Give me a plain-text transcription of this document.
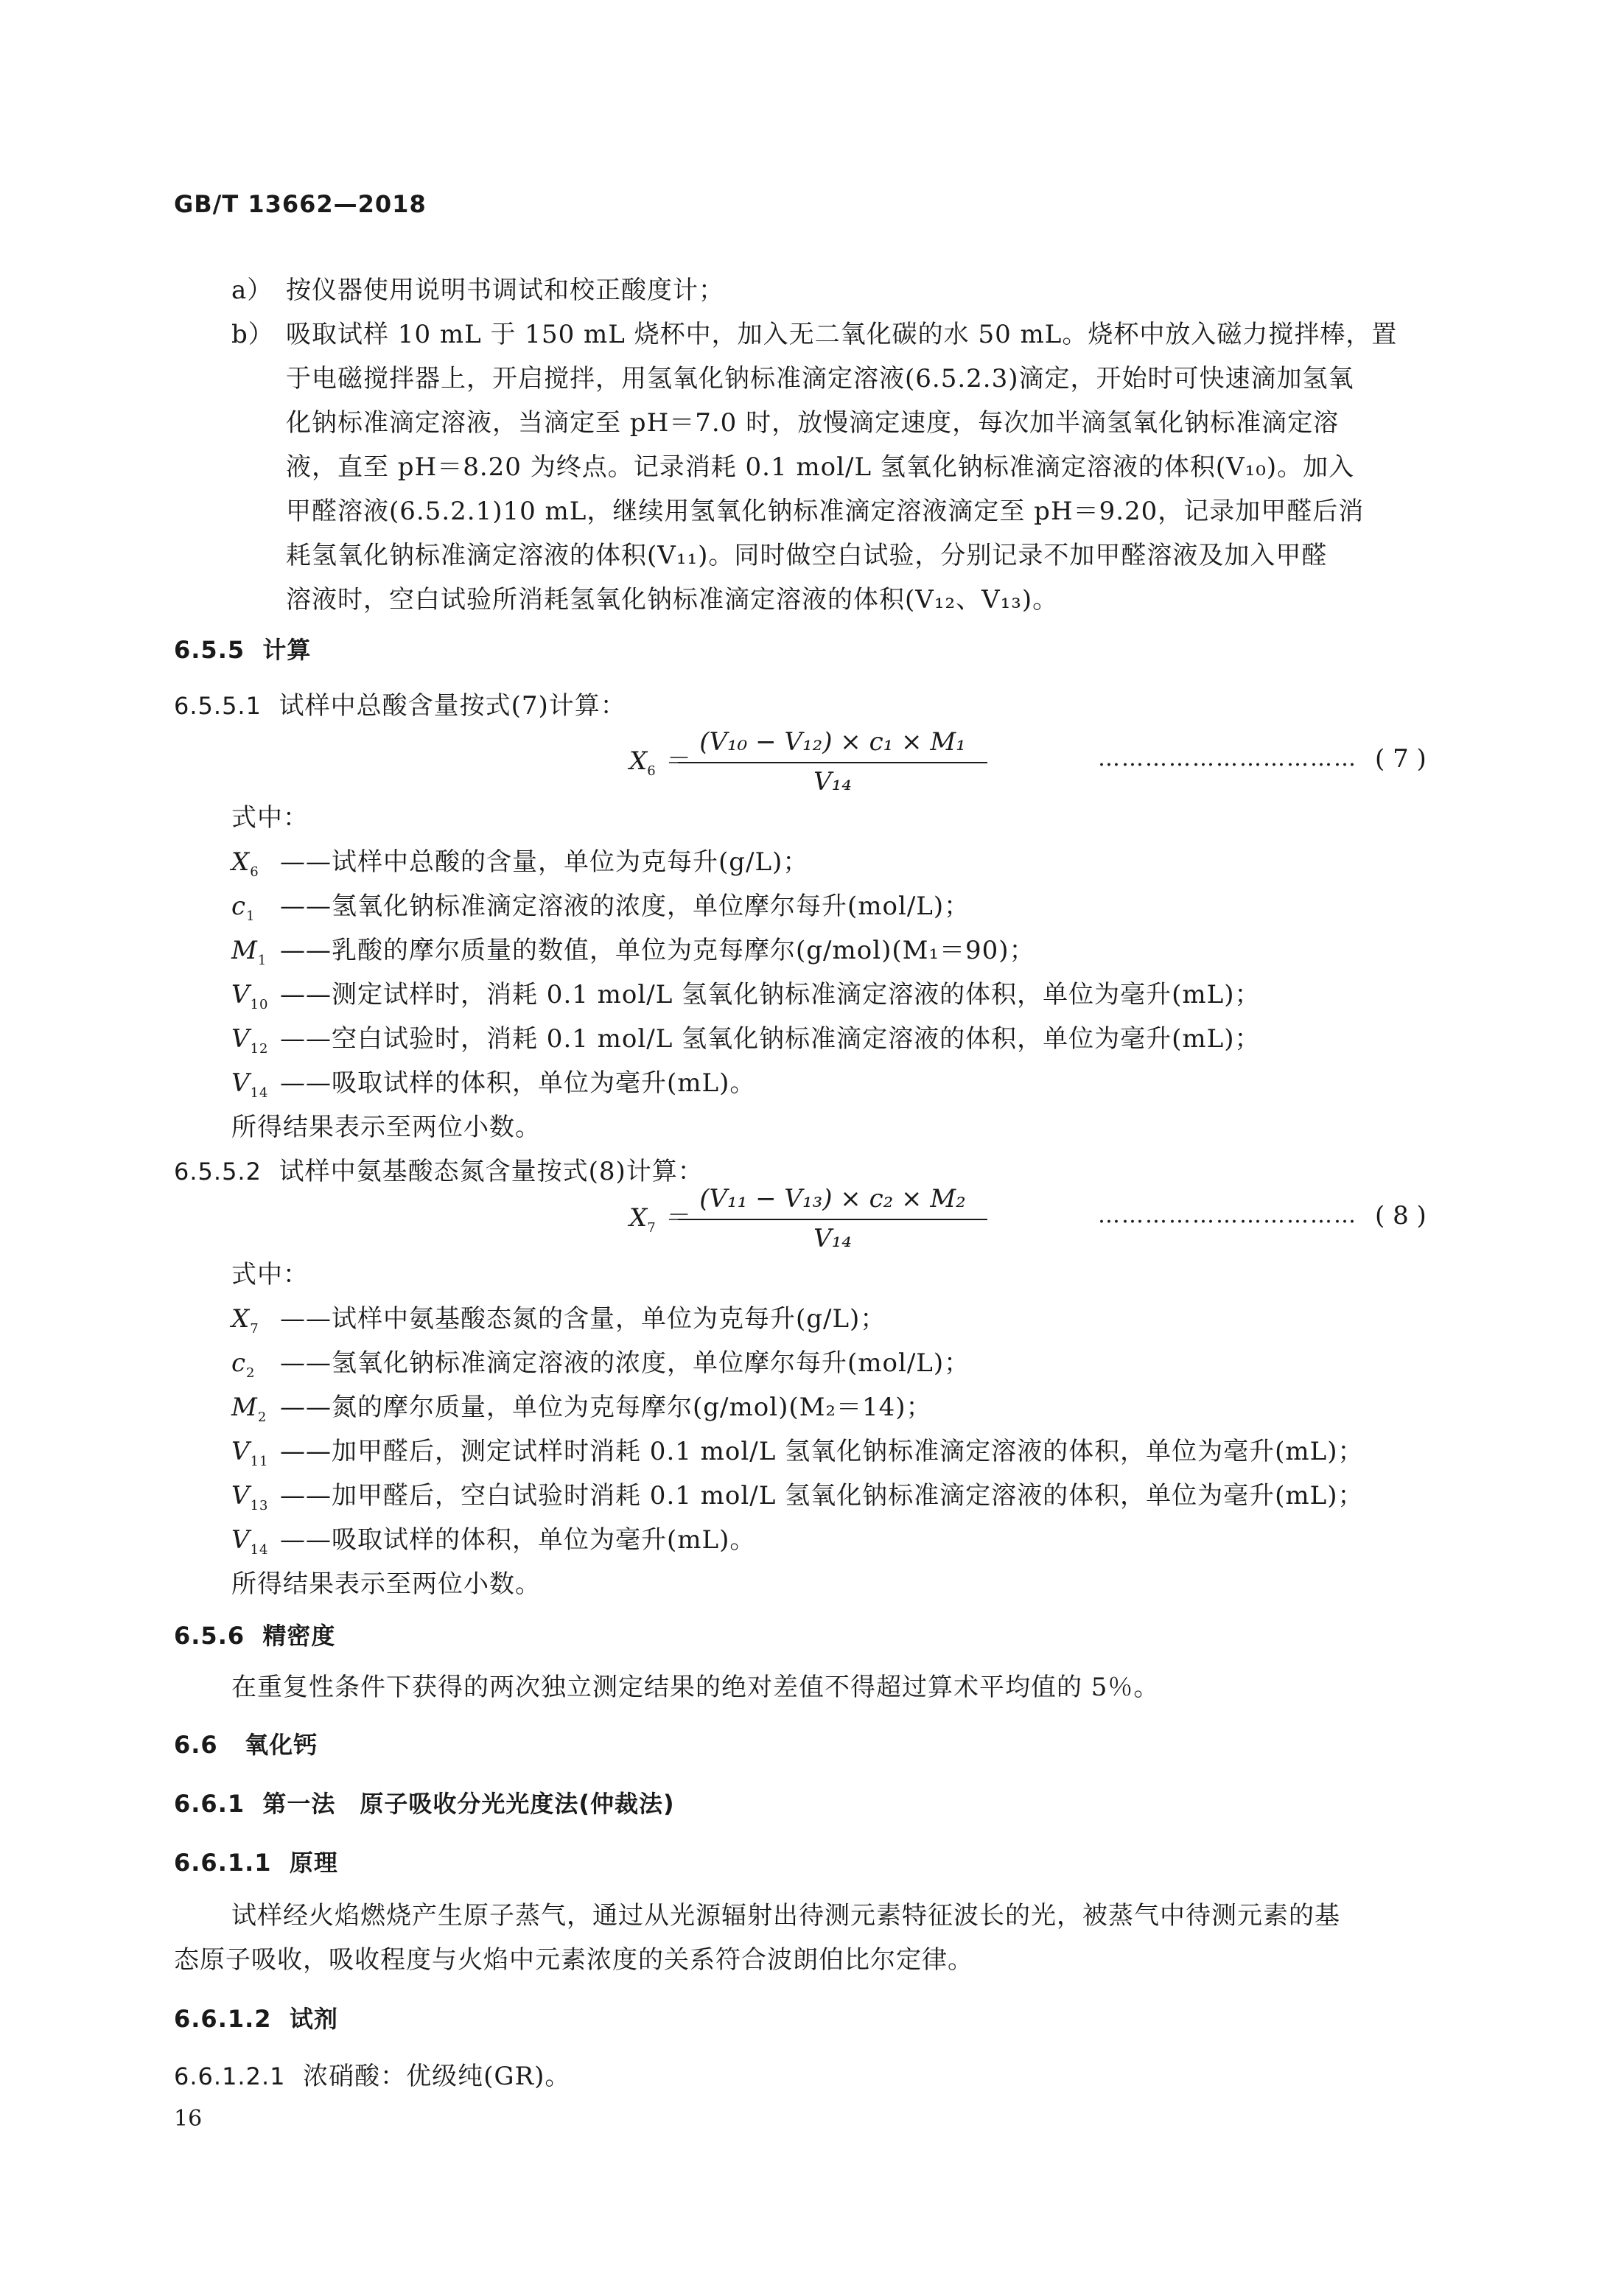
GB/T 13662—2018
a） 按仪器使用说明书调试和校正酸度计；
b） 吸取试样 10 mL 于 150 mL 烧杯中，加入无二氧化碳的水 50 mL。烧杯中放入磁力搅拌棒，置
于电磁搅拌器上，开启搅拌，用氢氧化钠标准滴定溶液(6.5.2.3)滴定，开始时可快速滴加氢氧
化钠标准滴定溶液，当滴定至 pH＝7.0 时，放慢滴定速度，每次加半滴氢氧化钠标准滴定溶
液，直至 pH＝8.20 为终点。记录消耗 0.1 mol/L 氢氧化钠标准滴定溶液的体积(V₁₀)。加入
甲醛溶液(6.5.2.1)10 mL，继续用氢氧化钠标准滴定溶液滴定至 pH＝9.20，记录加甲醛后消
耗氢氧化钠标准滴定溶液的体积(V₁₁)。同时做空白试验，分别记录不加甲醛溶液及加入甲醛
溶液时，空白试验所消耗氢氧化钠标准滴定溶液的体积(V₁₂、V₁₃)。
6.5.5 计算
6.5.5.1 试样中总酸含量按式(7)计算：
$X_6$ ＝
$\frac{\text{(V₁₀ − V₁₂) × c₁ × M₁}}{\text{V₁₄}}$	…………………………… ( 7 )
式中：
$X_6$ ——试样中总酸的含量，单位为克每升(g/L)；
$c_1$ ——氢氧化钠标准滴定溶液的浓度，单位摩尔每升(mol/L)；
$M_1$ ——乳酸的摩尔质量的数值，单位为克每摩尔(g/mol)(M₁＝90)；
$V_{10}$ ——测定试样时，消耗 0.1 mol/L 氢氧化钠标准滴定溶液的体积，单位为毫升(mL)；
$V_{12}$ ——空白试验时，消耗 0.1 mol/L 氢氧化钠标准滴定溶液的体积，单位为毫升(mL)；
$V_{14}$ ——吸取试样的体积，单位为毫升(mL)。
所得结果表示至两位小数。
6.5.5.2 试样中氨基酸态氮含量按式(8)计算：
$X_7$ ＝
$\frac{\text{(V₁₁ − V₁₃) × c₂ × M₂}}{\text{V₁₄}}$	…………………………… ( 8 )
式中：
$X_7$ ——试样中氨基酸态氮的含量，单位为克每升(g/L)；
$c_2$ ——氢氧化钠标准滴定溶液的浓度，单位摩尔每升(mol/L)；
$M_2$ ——氮的摩尔质量，单位为克每摩尔(g/mol)(M₂＝14)；
$V_{11}$ ——加甲醛后，测定试样时消耗 0.1 mol/L 氢氧化钠标准滴定溶液的体积，单位为毫升(mL)；
$V_{13}$ ——加甲醛后，空白试验时消耗 0.1 mol/L 氢氧化钠标准滴定溶液的体积，单位为毫升(mL)；
$V_{14}$ ——吸取试样的体积，单位为毫升(mL)。
所得结果表示至两位小数。
6.5.6 精密度
在重复性条件下获得的两次独立测定结果的绝对差值不得超过算术平均值的 5％。
6.6 氧化钙
6.6.1 第一法　原子吸收分光光度法(仲裁法)
6.6.1.1 原理
试样经火焰燃烧产生原子蒸气，通过从光源辐射出待测元素特征波长的光，被蒸气中待测元素的基
态原子吸收，吸收程度与火焰中元素浓度的关系符合波朗伯比尔定律。
6.6.1.2 试剂
6.6.1.2.1 浓硝酸：优级纯(GR)。
16
